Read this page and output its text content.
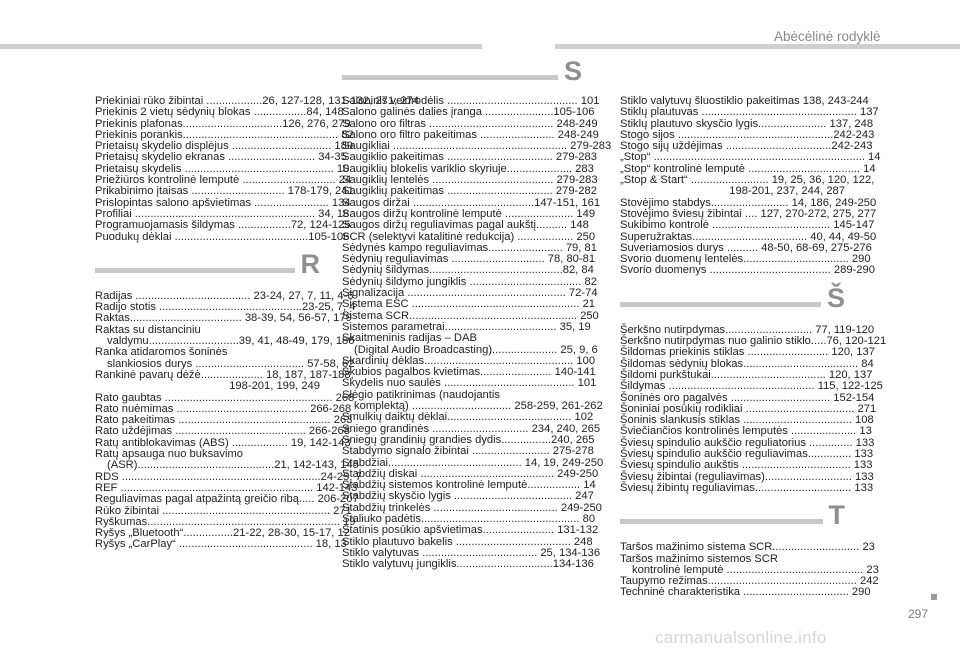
Abėcėlinė rodyklė
S
Priekiniai rūko žibintai ..................26, 127-128, 131-132, 271, 274
Priekinis 2 vietų sėdynių blokas .................84, 148
Priekinis plafonas................................126, 276, 279
Priekinis porankis.................................................. 82
Prietaisų skydelio displėjus ................................ 189
Prietaisų skydelio ekranas ............................ 34-35
Prietaisų skydelis ................................................ 10
Priežiūros kontrolinė lemputė .............................. 24
Prikabinimo įtaisas .............................. 178-179, 241
Prislopintas salono apšvietimas ........................ 134
Profiliai .......................................................... 34, 18
Programuojamasis šildymas .................72, 124-125
Puodukų dėklai ...........................................105-106
R
Radijas ..................................... 23-24, 27, 7, 11, 4-6
Radijo stotis ..............................................23-25, 7, 4
Raktas.................................... 38-39, 54, 56-57, 179
Raktas su distanciniu
valdymu.............................39, 41, 48-49, 179, 186
Ranka atidaromos šoninės
slankiosios durys ................................... 57-58, 62
Rankinė pavarų dėžė.................... 18, 187, 187-188,
198-201, 199, 249
Rato gaubtas ...................................................... 268
Rato nuėmimas .......................................... 266-268
Rato pakeitimas ................................................. 263
Rato uždėjimas .......................................... 266-268
Ratų antiblokavimas (ABS) .................. 19, 142-143
Ratų apsauga nuo buksavimo
(ASR)............................................21, 142-143, 145
RDS ................................................................24-25, 7
REF .............................................................. 142-143
Reguliavimas pagal atpažintą greičio ribą..... 206-207
Rūko žibintai ...................................................... 271
Ryškumas.............................................................. 19
Ryšys „Bluetooth“................21-22, 28-30, 15-17, 12
Ryšys „CarPlay“ ........................................... 18, 13
Saloninis veidrodėlis .......................................... 101
Salono galinės dalies įranga ......................105-106
Salono oro filtras ........................................ 248-249
Salono oro filtro pakeitimas ........................ 248-249
Saugikliai ........................................................ 279-283
Saugiklio pakeitimas .................................. 279-283
Saugiklių blokelis variklio skyriuje..................... 283
Saugiklių lentelės ....................................... 279-283
Saugiklių pakeitimas .................................. 279-282
Saugos diržai .......................................147-151, 161
Saugos diržų kontrolinė lemputė ...................... 149
Saugos diržų reguliavimas pagal aukštį.......... 148
SCR (selektyvi katalitinė redukcija) .................. 250
Sėdynės kampo reguliavimas........................ 79, 81
Sėdynių reguliavimas .............................. 78, 80-81
Sėdynių šildymas...........................................82, 84
Sėdynių šildymo jungiklis .................................... 82
Signalizacija ................................................... 72-74
Sistema ESC ...................................................... 21
Sistema SCR...................................................... 250
Sistemos parametrai.................................... 35, 19
Skaitmeninis radijas – DAB
(Digital Audio Broadcasting)..................... 25, 9, 6
Skardinių dėklas................................................ 100
Skubios pagalbos kvietimas....................... 140-141
Skydelis nuo saulės .......................................... 101
Slėgio patikrinimas (naudojantis
komplektą) ................................ 258-259, 261-262
Smulkių daiktų dėklai........................................ 102
Sniego grandinės ............................... 234, 240, 265
Sniegų grandinių grandies dydis................240, 265
Stabdymo signalo žibintai ......................... 275-278
Stabdžiai........................................... 14, 19, 249-250
Stabdžių diskai ........................................... 249-250
Stabdžių sistemos kontrolinė lemputė................. 14
Stabdžių skysčio lygis ...................................... 247
Stabdžių trinkelės ........................................ 249-250
Staliuko padėtis................................................... 80
Statinis posūkio apšvietimas....................... 131-132
Stiklo plautuvo bakelis ..................................... 248
Stiklo valytuvas ..................................... 25, 134-136
Stiklo valytuvų jungiklis...............................134-136
Stiklo valytuvų šluostiklio pakeitimas 138, 243-244
Stiklų plautuvas .................................................. 137
Stiklų plautuvo skysčio lygis...................... 137, 248
Stogo sijos ..................................................242-243
Stogo sijų uždėjimas ..................................242-243
„Stop“ .................................................................... 14
„Stop“ kontrolinė lemputė .................................... 14
„Stop & Start“ ......................... 19, 25, 36, 120, 122,
198-201, 237, 244, 287
Stovėjimo stabdys......................... 14, 186, 249-250
Stovėjimo šviesų žibintai .... 127, 270-272, 275, 277
Sukibimo kontrolė ...................................... 145-147
Superužraktas..................................... 40, 44, 49-50
Suveriamosios durys .......... 48-50, 68-69, 275-276
Svorio duomenų lentelės.................................. 290
Svorio duomenys ....................................... 289-290
Š
Šerkšno nutirpdymas............................ 77, 119-120
Šerkšno nutirpdymas nuo galinio stiklo.....76, 120-121
Šildomas priekinis stiklas .......................... 120, 137
Šildomas sėdynių blokas..................................... 84
Šildomi purkštukai..................................... 120, 137
Šildymas ............................................... 115, 122-125
Šoninės oro pagalvės ................................ 152-154
Šoniniai posūkių rodikliai ................................... 271
Šoninis slankusis stiklas ................................... 108
Šviečiančios kontrolinės lemputės ..................... 13
Šviesų spindulio aukščio reguliatorius .............. 133
Šviesų spindulio aukščio reguliavimas.............. 133
Šviesų spindulio aukštis ................................... 133
Šviesų žibintai (reguliavimas)............................ 133
Šviesų žibintų reguliavimas............................... 133
T
Taršos mažinimo sistema SCR............................ 23
Taršos mažinimo sistemos SCR
kontrolinė lemputė ............................................ 23
Taupymo režimas................................................ 242
Techninė charakteristika .................................. 290
297
carmanualsonline.info
